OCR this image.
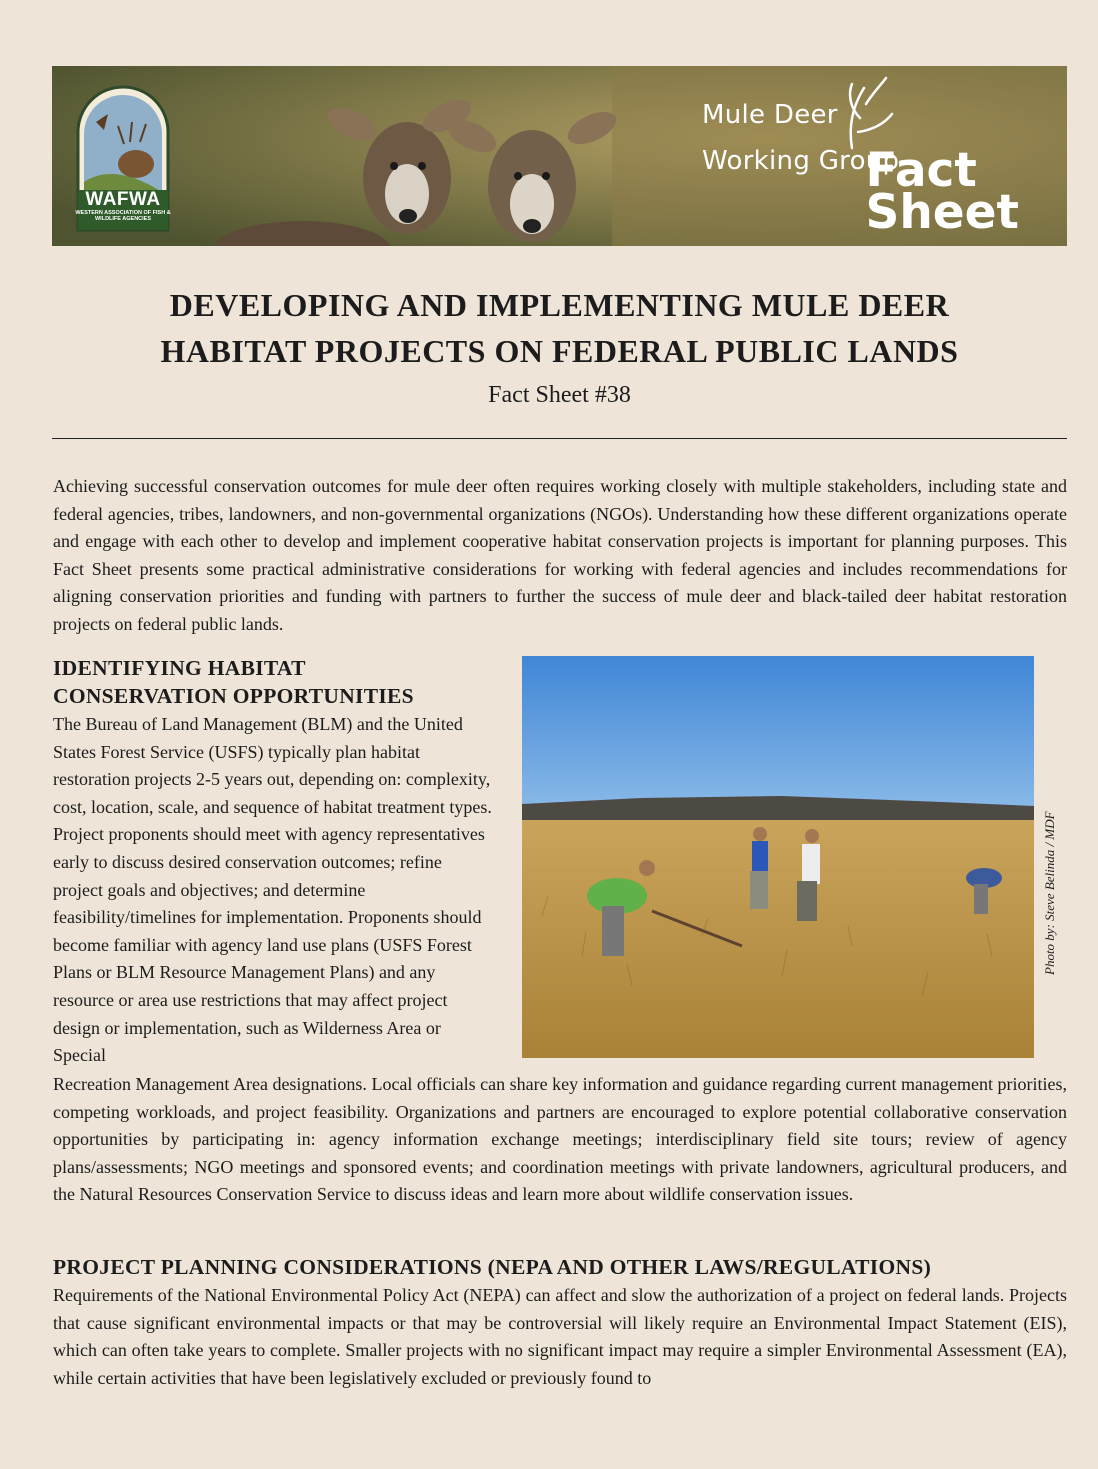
WAFWA
WESTERN ASSOCIATION OF FISH & WILDLIFE AGENCIES
Mule Deer
Working Group
Fact
Sheet
DEVELOPING AND IMPLEMENTING MULE DEER
HABITAT PROJECTS ON FEDERAL PUBLIC LANDS
Fact Sheet #38
Achieving successful conservation outcomes for mule deer often requires working closely with multiple stakeholders, including state and federal agencies, tribes, landowners, and non-governmental organizations (NGOs). Understanding how these different organizations operate and engage with each other to develop and implement cooperative habitat conservation projects is important for planning purposes. This Fact Sheet presents some practical administrative considerations for working with federal agencies and includes recommendations for aligning conservation priorities and funding with partners to further the success of mule deer and black-tailed deer habitat restoration projects on federal public lands.
IDENTIFYING HABITAT
CONSERVATION OPPORTUNITIES
The Bureau of Land Management (BLM) and the United States Forest Service (USFS) typically plan habitat restoration projects 2-5 years out, depending on: complexity, cost, location, scale, and sequence of habitat treatment types. Project proponents should meet with agency representatives early to discuss desired conservation outcomes; refine project goals and objectives; and determine feasibility/timelines for implementation. Proponents should become familiar with agency land use plans (USFS Forest Plans or BLM Resource Management Plans) and any resource or area use restrictions that may affect project design or implementation, such as Wilderness Area or Special
Photo by: Steve Belinda / MDF
Recreation Management Area designations. Local officials can share key information and guidance regarding current management priorities, competing workloads, and project feasibility. Organizations and partners are encouraged to explore potential collaborative conservation opportunities by participating in: agency information exchange meetings; interdisciplinary field site tours; review of agency plans/assessments; NGO meetings and sponsored events; and coordination meetings with private landowners, agricultural producers, and the Natural Resources Conservation Service to discuss ideas and learn more about wildlife conservation issues.
PROJECT PLANNING CONSIDERATIONS (NEPA AND OTHER LAWS/REGULATIONS)
Requirements of the National Environmental Policy Act (NEPA) can affect and slow the authorization of a project on federal lands. Projects that cause significant environmental impacts or that may be controversial will likely require an Environmental Impact Statement (EIS), which can often take years to complete. Smaller projects with no significant impact may require a simpler Environmental Assessment (EA), while certain activities that have been legislatively excluded or previously found to
